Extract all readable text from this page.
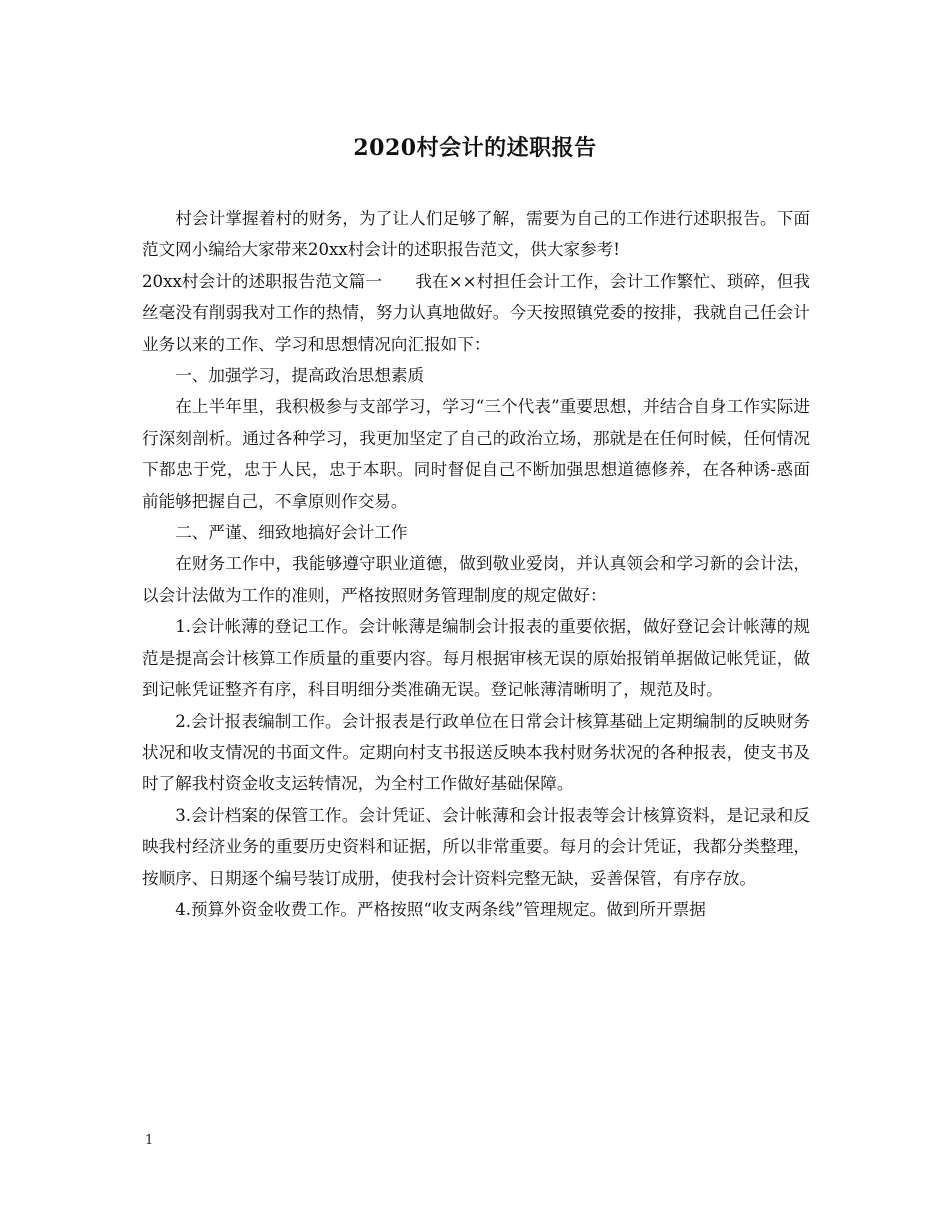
2020村会计的述职报告

村会计掌握着村的财务，为了让人们足够了解，需要为自己的工作进行述职报告。下面范文网小编给大家带来20xx村会计的述职报告范文，供大家参考!

20xx村会计的述职报告范文篇一　　我在××村担任会计工作，会计工作繁忙、琐碎，但我丝毫没有削弱我对工作的热情，努力认真地做好。今天按照镇党委的按排，我就自己任会计业务以来的工作、学习和思想情况向汇报如下：

一、加强学习，提高政治思想素质

在上半年里，我积极参与支部学习，学习“三个代表”重要思想，并结合自身工作实际进行深刻剖析。通过各种学习，我更加坚定了自己的政治立场，那就是在任何时候，任何情况下都忠于党，忠于人民，忠于本职。同时督促自己不断加强思想道德修养，在各种诱-惑面前能够把握自己，不拿原则作交易。

二、严谨、细致地搞好会计工作

在财务工作中，我能够遵守职业道德，做到敬业爱岗，并认真领会和学习新的会计法，以会计法做为工作的准则，严格按照财务管理制度的规定做好：

1.会计帐薄的登记工作。会计帐薄是编制会计报表的重要依据，做好登记会计帐薄的规范是提高会计核算工作质量的重要内容。每月根据审核无误的原始报销单据做记帐凭证，做到记帐凭证整齐有序，科目明细分类准确无误。登记帐薄清晰明了，规范及时。

2.会计报表编制工作。会计报表是行政单位在日常会计核算基础上定期编制的反映财务状况和收支情况的书面文件。定期向村支书报送反映本我村财务状况的各种报表，使支书及时了解我村资金收支运转情况，为全村工作做好基础保障。

3.会计档案的保管工作。会计凭证、会计帐薄和会计报表等会计核算资料，是记录和反映我村经济业务的重要历史资料和证据，所以非常重要。每月的会计凭证，我都分类整理，按顺序、日期逐个编号装订成册，使我村会计资料完整无缺，妥善保管，有序存放。

4.预算外资金收费工作。严格按照“收支两条线”管理规定。做到所开票据

1
